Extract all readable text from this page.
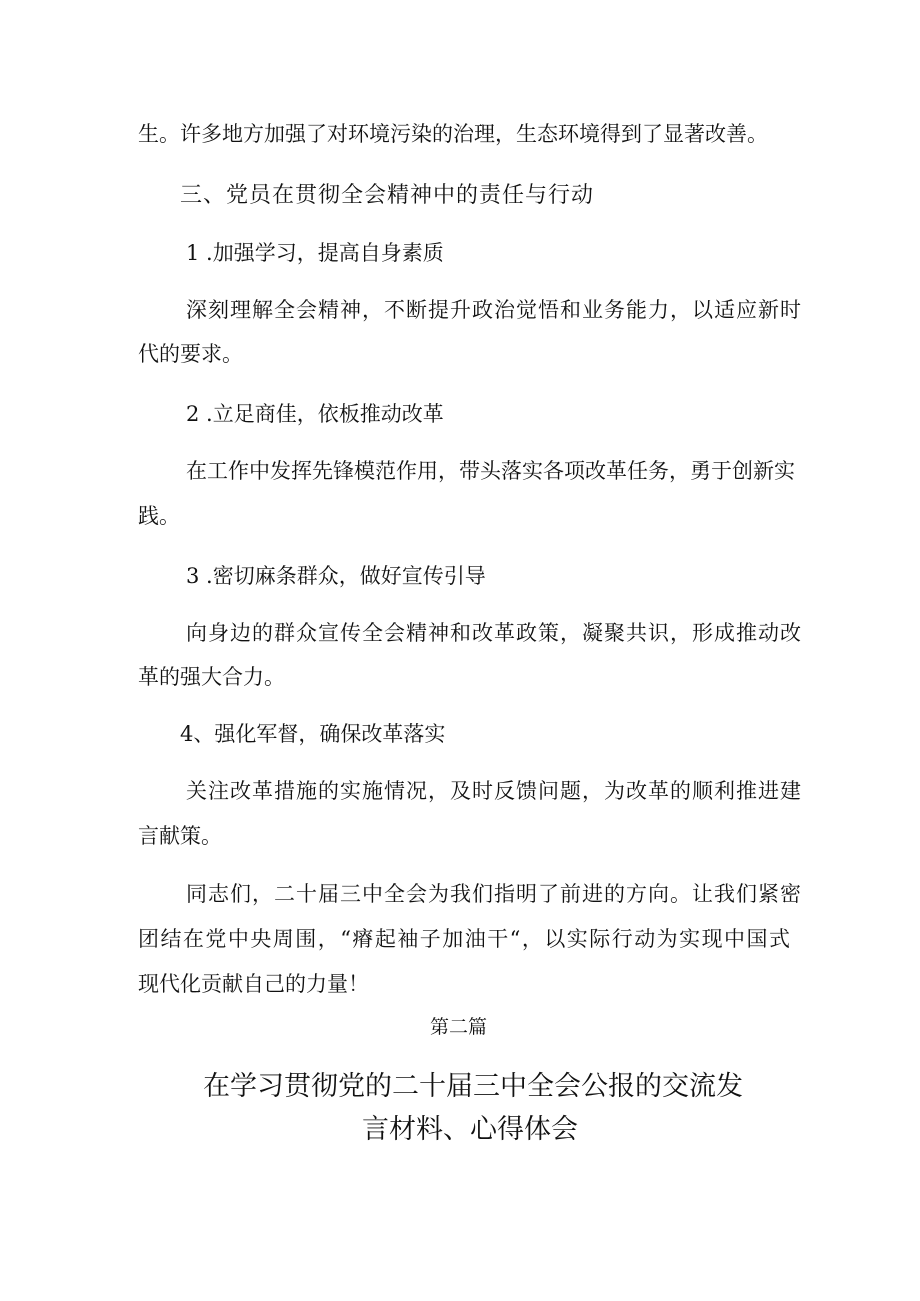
生。许多地方加强了对环境污染的治理，生态环境得到了显著改善。
三、党员在贯彻全会精神中的责任与行动
1 .加强学习，提高自身素质
深刻理解全会精神，不断提升政治觉悟和业务能力，以适应新时
代的要求。
2 .立足商佳，依板推动改革
在工作中发挥先锋模范作用，带头落实各项改革任务，勇于创新实
践。
3 .密切麻条群众，做好宣传引导
向身边的群众宣传全会精神和改革政策，凝聚共识，形成推动改
革的强大合力。
4、强化军督，确保改革落实
关注改革措施的实施情况，及时反馈问题，为改革的顺利推进建
言献策。
同志们，二十届三中全会为我们指明了前进的方向。让我们紧密
团结在党中央周围，“瘠起袖子加油干“，以实际行动为实现中国式
现代化贡献自己的力量！
第二篇
在学习贯彻党的二十届三中全会公报的交流发
言材料、心得体会
